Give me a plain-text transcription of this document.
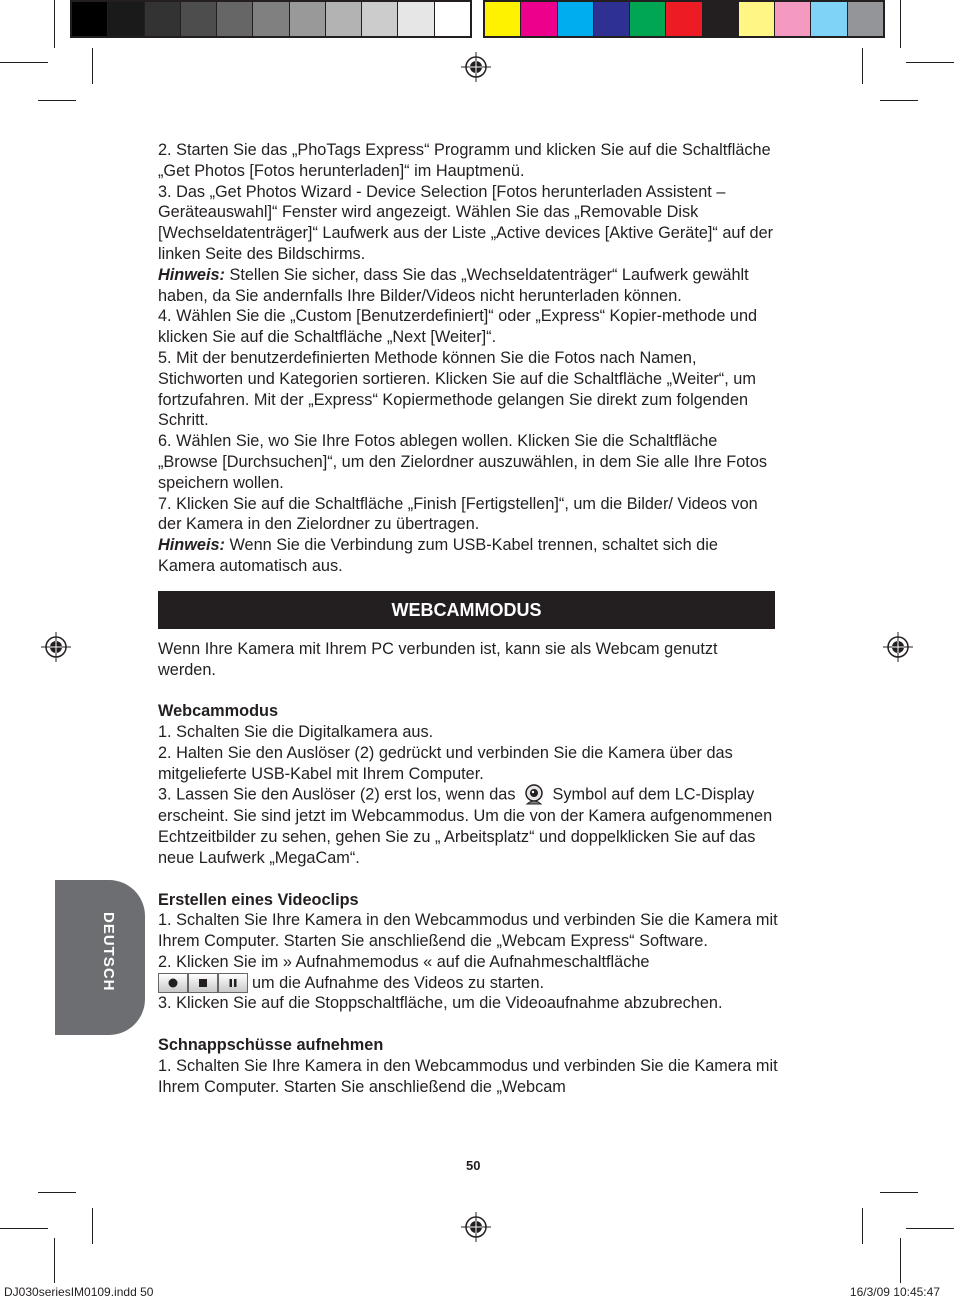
2. Starten Sie das „PhoTags Express“ Programm und klicken Sie auf die Schaltfläche „Get Photos [Fotos herunterladen]“ im Hauptmenü.

3. Das „Get Photos Wizard - Device Selection [Fotos herunterladen Assistent – Geräteauswahl]“ Fenster wird angezeigt. Wählen Sie das „Removable Disk [Wechseldatenträger]“ Laufwerk aus der Liste „Active devices [Aktive Geräte]“ auf der linken Seite des Bildschirms.

Hinweis: Stellen Sie sicher, dass Sie das „Wechseldatenträger“ Laufwerk gewählt haben, da Sie andernfalls Ihre Bilder/Videos nicht herunterladen können.

4. Wählen Sie die „Custom [Benutzerdefiniert]“ oder „Express“ Kopier-methode und klicken Sie auf die Schaltfläche „Next [Weiter]“.

5. Mit der benutzerdefinierten Methode können Sie die Fotos nach Namen, Stichworten und Kategorien sortieren. Klicken Sie auf die Schaltfläche „Weiter“, um fortzufahren. Mit der „Express“ Kopiermethode gelangen Sie direkt zum folgenden Schritt.

6. Wählen Sie, wo Sie Ihre Fotos ablegen wollen. Klicken Sie die Schaltfläche „Browse [Durchsuchen]“, um den Zielordner auszuwählen, in dem Sie alle Ihre Fotos speichern wollen.

7. Klicken Sie auf die Schaltfläche „Finish [Fertigstellen]“, um die Bilder/ Videos von der Kamera in den Zielordner zu übertragen.

Hinweis: Wenn Sie die Verbindung zum USB-Kabel trennen, schaltet sich die Kamera automatisch aus.

WEBCAMMODUS

Wenn Ihre Kamera mit Ihrem PC verbunden ist, kann sie als Webcam genutzt werden.

Webcammodus

1. Schalten Sie die Digitalkamera aus.

2. Halten Sie den Auslöser (2) gedrückt und verbinden Sie die Kamera über das mitgelieferte USB-Kabel mit Ihrem Computer.

3. Lassen Sie den Auslöser (2) erst los, wenn das  Symbol auf dem LC-Display erscheint. Sie sind jetzt im Webcammodus. Um die von der Kamera aufgenommenen Echtzeitbilder zu sehen, gehen Sie zu „ Arbeitsplatz“ und doppelklicken Sie auf das neue Laufwerk „MegaCam“.

Erstellen eines Videoclips

1. Schalten Sie Ihre Kamera in den Webcammodus und verbinden Sie die Kamera mit Ihrem Computer. Starten Sie anschließend die „Webcam Express“ Software.

2. Klicken Sie im » Aufnahmemodus « auf die Aufnahmeschaltfläche

um die Aufnahme des Videos zu starten.

3. Klicken Sie auf die Stoppschaltfläche, um die Videoaufnahme abzubrechen.

Schnappschüsse aufnehmen

1. Schalten Sie Ihre Kamera in den Webcammodus und verbinden Sie die Kamera mit Ihrem Computer. Starten Sie anschließend die „Webcam

DEUTSCH
50
DJ030seriesIM0109.indd 50	16/3/09 10:45:47
